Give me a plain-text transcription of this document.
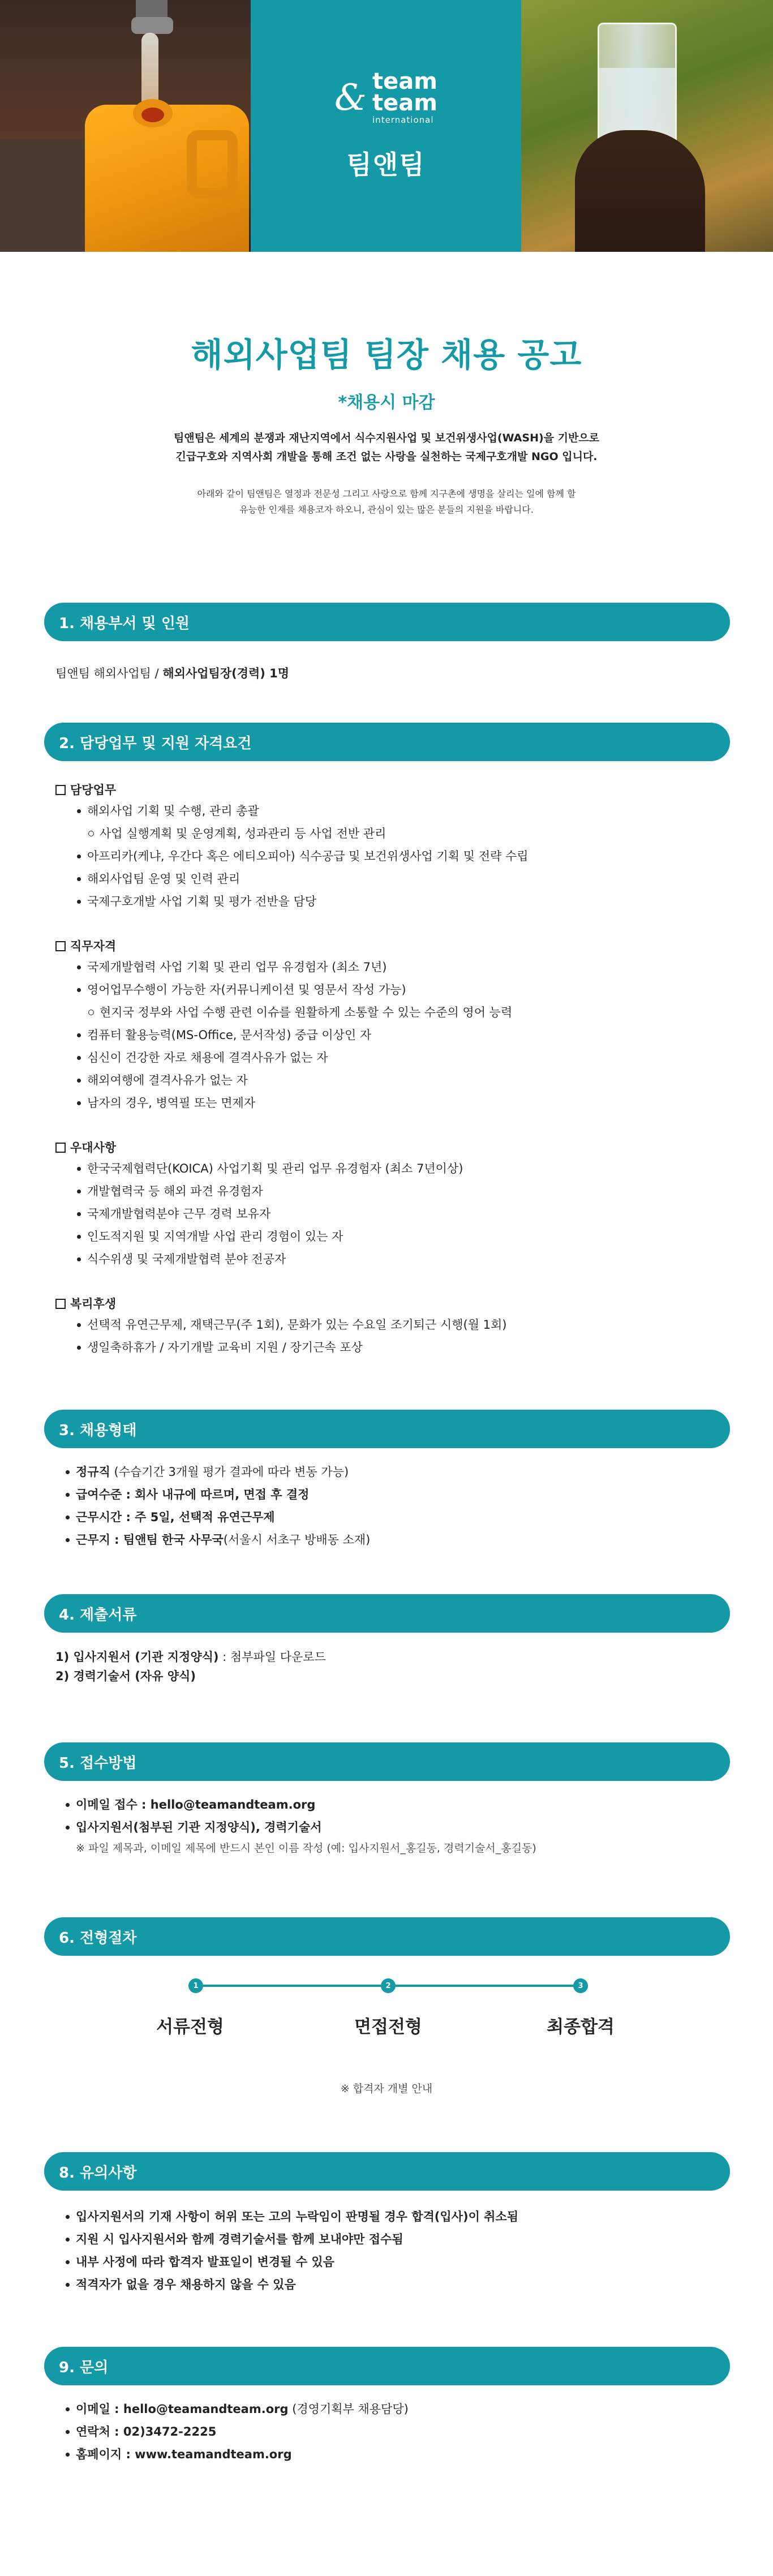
& team
team
international
팀앤팀
해외사업팀 팀장 채용 공고
*채용시 마감
팀앤팀은 세계의 분쟁과 재난지역에서 식수지원사업 및 보건위생사업(WASH)을 기반으로
긴급구호와 지역사회 개발을 통해 조건 없는 사랑을 실천하는 국제구호개발 NGO 입니다.
아래와 같이 팀앤팀은 열정과 전문성 그리고 사랑으로 함께 지구촌에 생명을 살리는 일에 함께 할
유능한 인재를 채용코자 하오니, 관심이 있는 많은 분들의 지원을 바랍니다.
1. 채용부서 및 인원
팀앤팀 해외사업팀 / 해외사업팀장(경력) 1명
2. 담당업무 및 지원 자격요건
담당업무
해외사업 기획 및 수행, 관리 총괄
사업 실행계획 및 운영계획, 성과관리 등 사업 전반 관리
아프리카(케냐, 우간다 혹은 에티오피아) 식수공급 및 보건위생사업 기획 및 전략 수립
해외사업팀 운영 및 인력 관리
국제구호개발 사업 기획 및 평가 전반을 담당
직무자격
국제개발협력 사업 기획 및 관리 업무 유경험자 (최소 7년)
영어업무수행이 가능한 자(커뮤니케이션 및 영문서 작성 가능)
현지국 정부와 사업 수행 관련 이슈를 원활하게 소통할 수 있는 수준의 영어 능력
컴퓨터 활용능력(MS-Office, 문서작성) 중급 이상인 자
심신이 건강한 자로 채용에 결격사유가 없는 자
해외여행에 결격사유가 없는 자
남자의 경우, 병역필 또는 면제자
우대사항
한국국제협력단(KOICA) 사업기획 및 관리 업무 유경험자 (최소 7년이상)
개발협력국 등 해외 파견 유경험자
국제개발협력분야 근무 경력 보유자
인도적지원 및 지역개발 사업 관리 경험이 있는 자
식수위생 및 국제개발협력 분야 전공자
복리후생
선택적 유연근무제, 재택근무(주 1회), 문화가 있는 수요일 조기퇴근 시행(월 1회)
생일축하휴가 / 자기개발 교육비 지원 / 장기근속 포상
3. 채용형태
정규직 (수습기간 3개월 평가 결과에 따라 변동 가능)
급여수준 : 회사 내규에 따르며, 면접 후 결정
근무시간 : 주 5일, 선택적 유연근무제
근무지 : 팀앤팀 한국 사무국(서울시 서초구 방배동 소재)
4. 제출서류
1) 입사지원서 (기관 지정양식) : 첨부파일 다운로드
2) 경력기술서 (자유 양식)
5. 접수방법
이메일 접수 : hello@teamandteam.org
입사지원서(첨부된 기관 지정양식), 경력기술서
※ 파일 제목과, 이메일 제목에 반드시 본인 이름 작성 (예: 입사지원서_홍길동, 경력기술서_홍길동)
6. 전형절차
1	2	3
서류전형	면접전형	최종합격
※ 합격자 개별 안내
8. 유의사항
입사지원서의 기재 사항이 허위 또는 고의 누락임이 판명될 경우 합격(입사)이 취소됨
지원 시 입사지원서와 함께 경력기술서를 함께 보내야만 접수됨
내부 사정에 따라 합격자 발표일이 변경될 수 있음
적격자가 없을 경우 채용하지 않을 수 있음
9. 문의
이메일 : hello@teamandteam.org (경영기획부 채용담당)
연락처 : 02)3472-2225
홈페이지 : www.teamandteam.org
